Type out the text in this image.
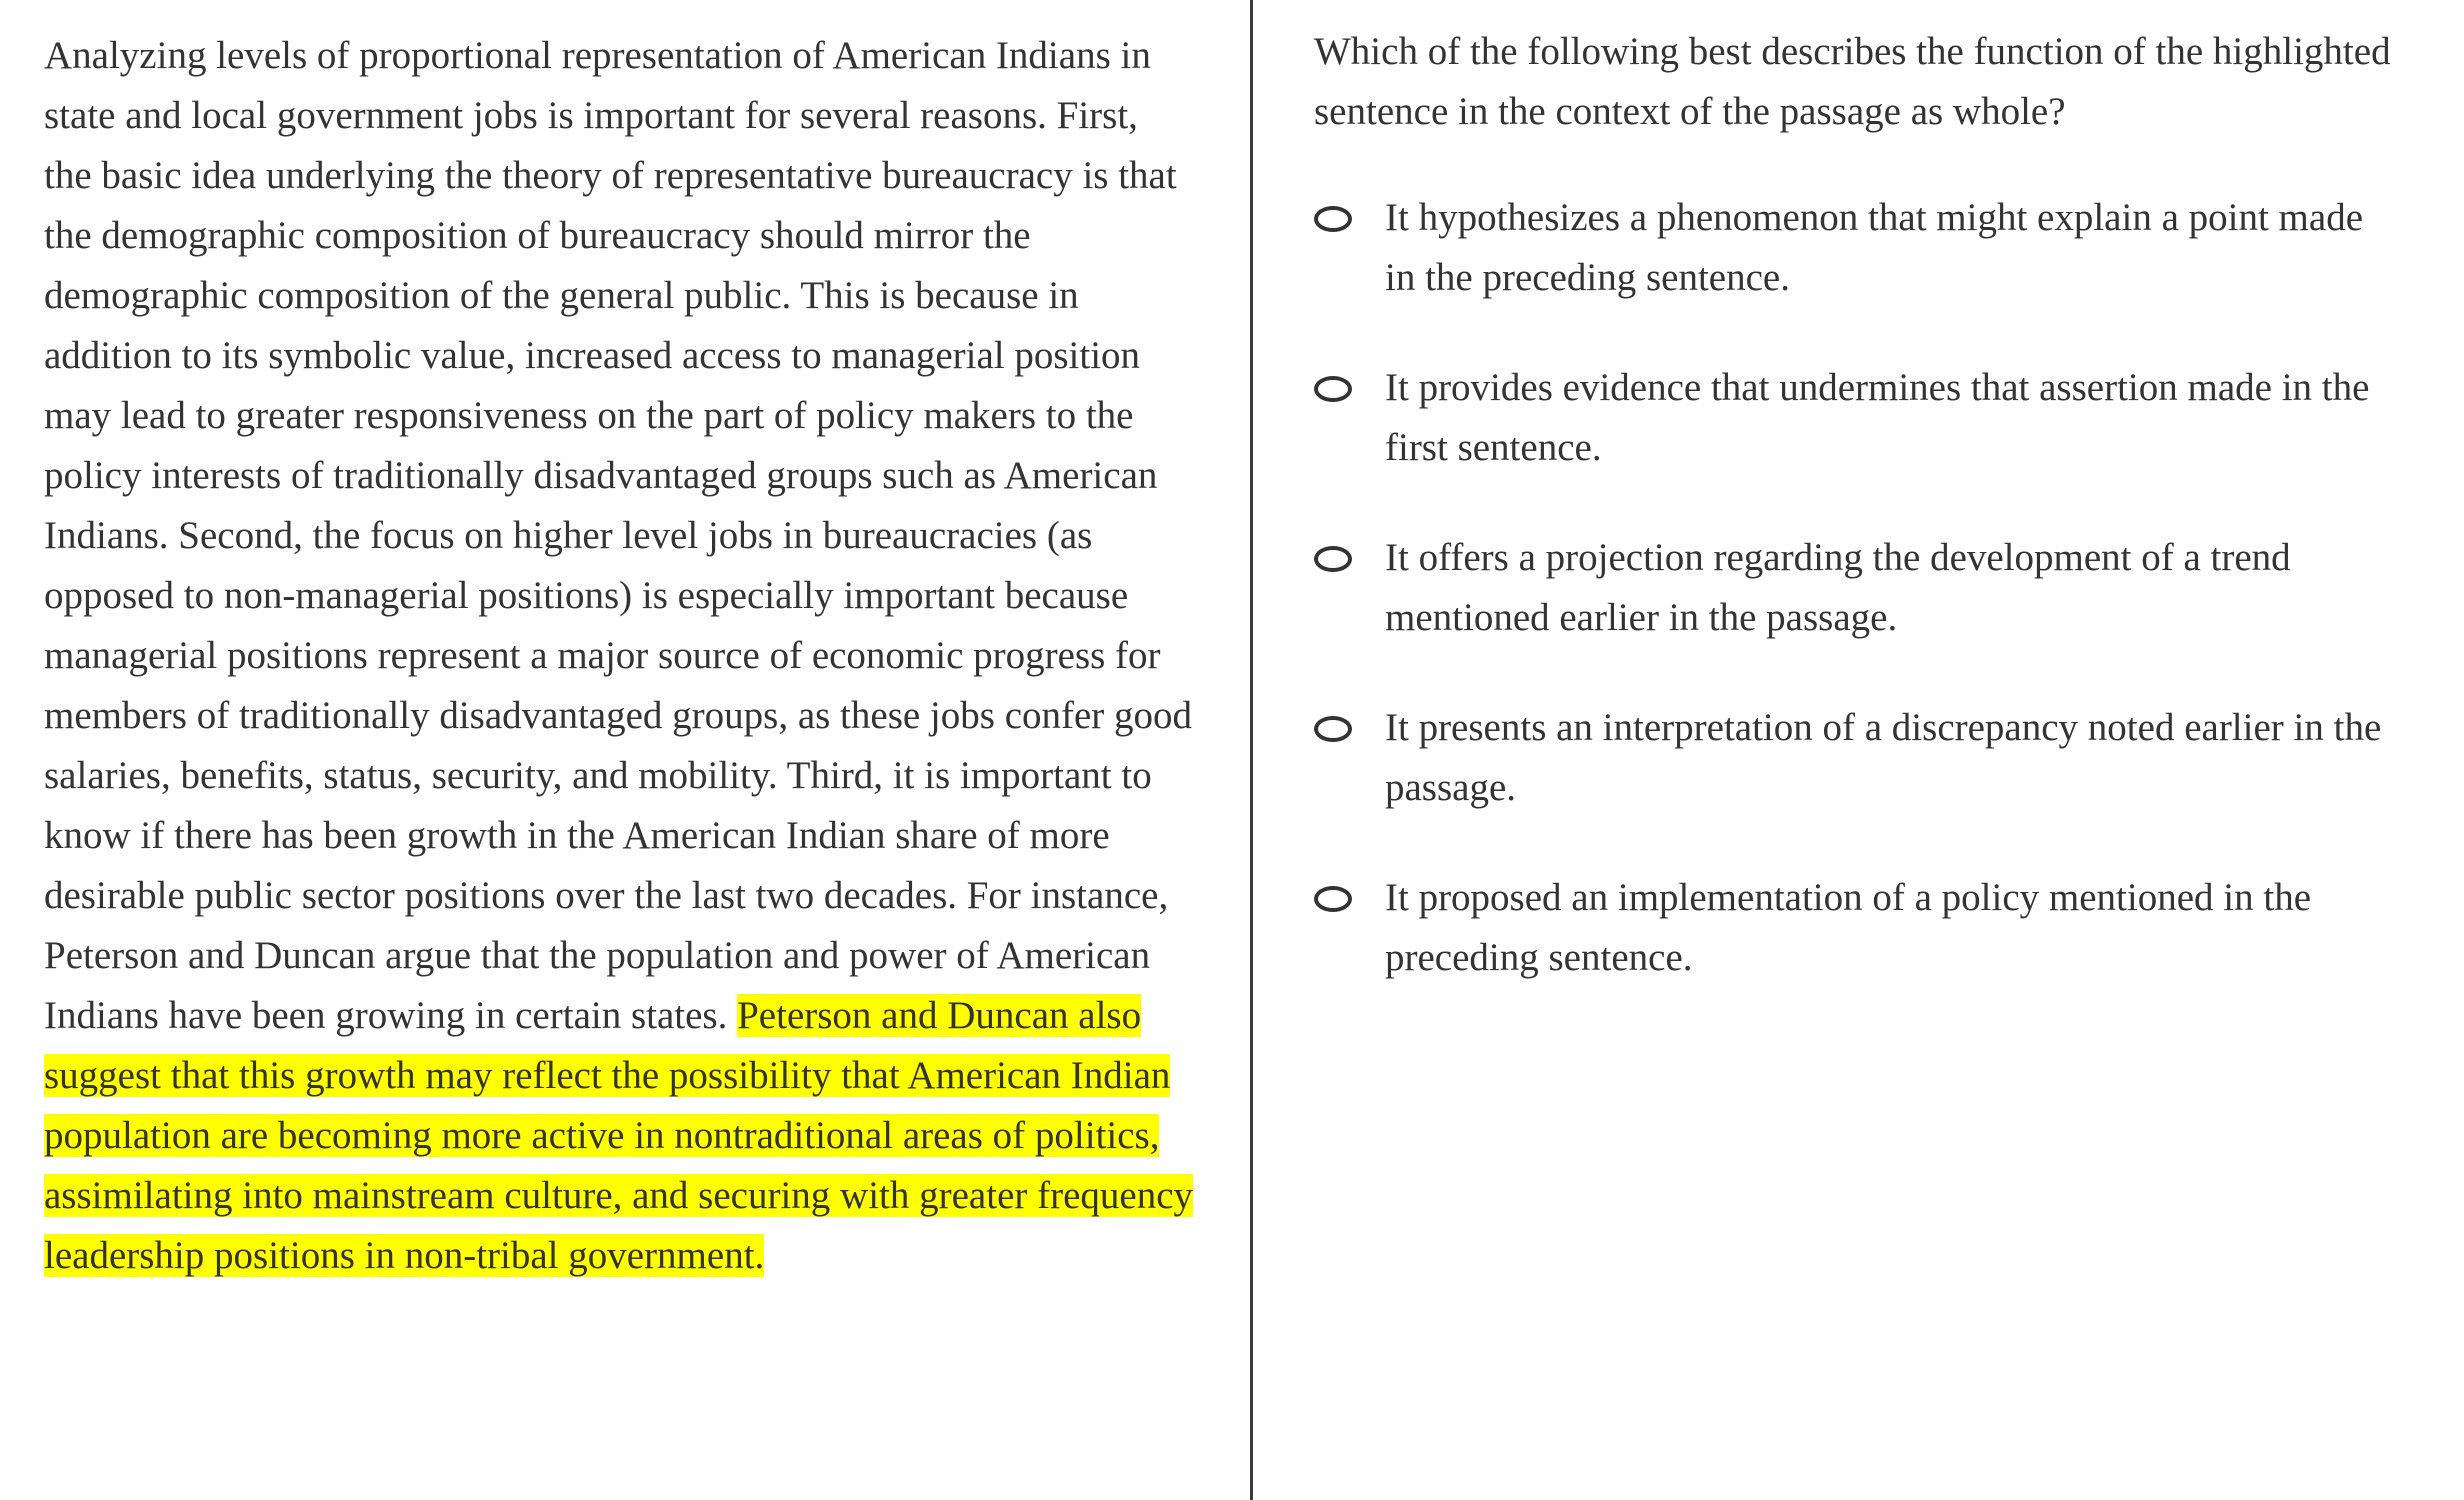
Analyzing levels of proportional representation of American Indians in state and local government jobs is important for several reasons. First, the basic idea underlying the theory of representative bureaucracy is that the demographic composition of bureaucracy should mirror the demographic composition of the general public. This is because in addition to its symbolic value, increased access to managerial position may lead to greater responsiveness on the part of policy makers to the policy interests of traditionally disadvantaged groups such as American Indians. Second, the focus on higher level jobs in bureaucracies (as opposed to non-managerial positions) is especially important because managerial positions represent a major source of economic progress for members of traditionally disadvantaged groups, as these jobs confer good salaries, benefits, status, security, and mobility. Third, it is important to know if there has been growth in the American Indian share of more desirable public sector positions over the last two decades. For instance, Peterson and Duncan argue that the population and power of American Indians have been growing in certain states. Peterson and Duncan also suggest that this growth may reflect the possibility that American Indian population are becoming more active in nontraditional areas of politics, assimilating into mainstream culture, and securing with greater frequency leadership positions in non-tribal government.

Which of the following best describes the function of the highlighted sentence in the context of the passage as whole?

It hypothesizes a phenomenon that might explain a point made in the preceding sentence.
It provides evidence that undermines that assertion made in the first sentence.
It offers a projection regarding the development of a trend mentioned earlier in the passage.
It presents an interpretation of a discrepancy noted earlier in the passage.
It proposed an implementation of a policy mentioned in the preceding sentence.
